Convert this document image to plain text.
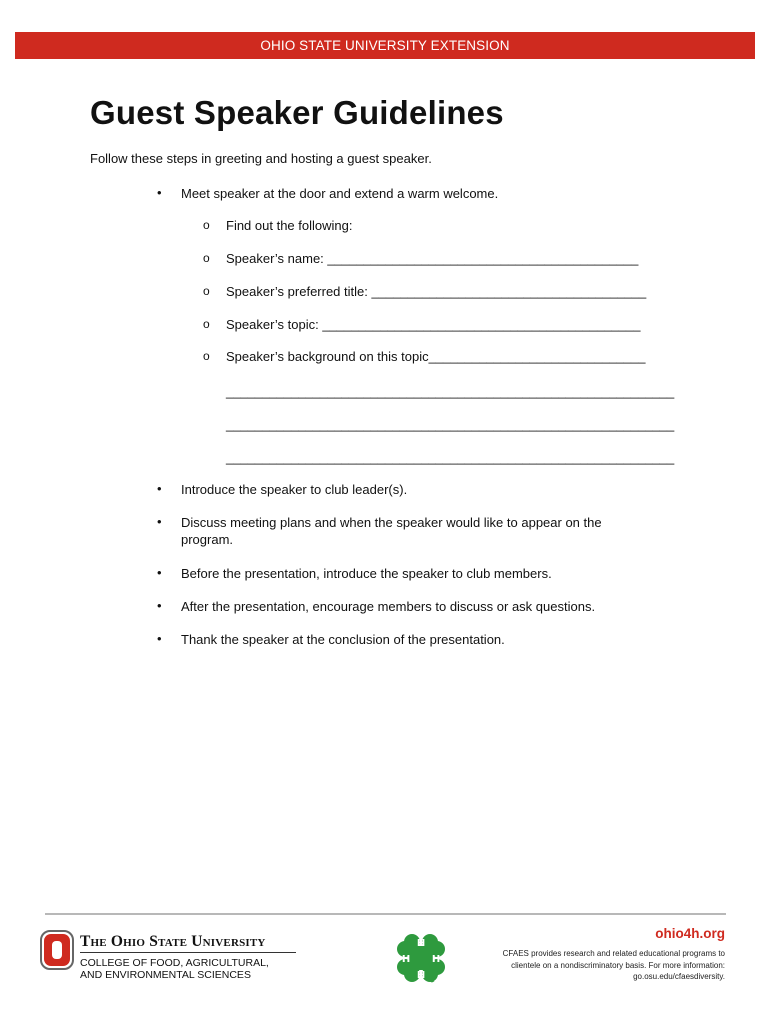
OHIO STATE UNIVERSITY EXTENSION
Guest Speaker Guidelines
Follow these steps in greeting and hosting a guest speaker.
• Meet speaker at the door and extend a warm welcome.
o Find out the following:
o Speaker’s name: ___________________________________________
o Speaker’s preferred title: ______________________________________
o Speaker’s topic: ____________________________________________
o Speaker’s background on this topic______________________________
______________________________________________________________
______________________________________________________________
______________________________________________________________
• Introduce the speaker to club leader(s).
• Discuss meeting plans and when the speaker would like to appear on the program.
• Before the presentation, introduce the speaker to club members.
• After the presentation, encourage members to discuss or ask questions.
• Thank the speaker at the conclusion of the presentation.
The Ohio State University
COLLEGE OF FOOD, AGRICULTURAL,
AND ENVIRONMENTAL SCIENCES
H
H
H
H
ohio4h.org
CFAES provides research and related educational programs to clientele on a nondiscriminatory basis. For more information: go.osu.edu/cfaesdiversity.
